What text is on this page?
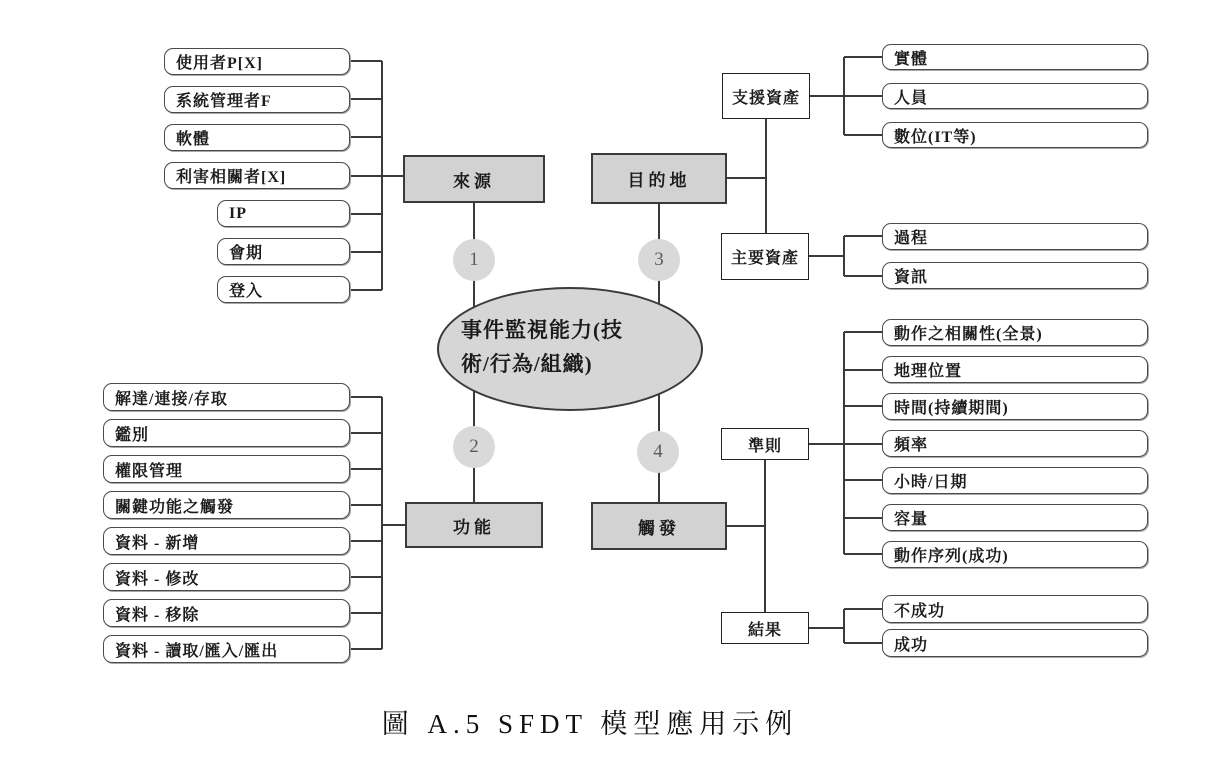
使用者P[X]
系統管理者F
軟體
利害相關者[X]
IP
會期
登入
解達/連接/存取
鑑別
權限管理
關鍵功能之觸發
資料 - 新增
資料 - 修改
資料 - 移除
資料 - 讀取/匯入/匯出
實體
人員
數位(IT等)
過程
資訊
動作之相關性(全景)
地理位置
時間(持續期間)
頻率
小時/日期
容量
動作序列(成功)
不成功
成功
來源	目的地
功能	觸發
支援資產
主要資產
準則
結果
1
2
3
4
事件監視能力(技
術/行為/組織)
圖 A.5 SFDT 模型應用示例
